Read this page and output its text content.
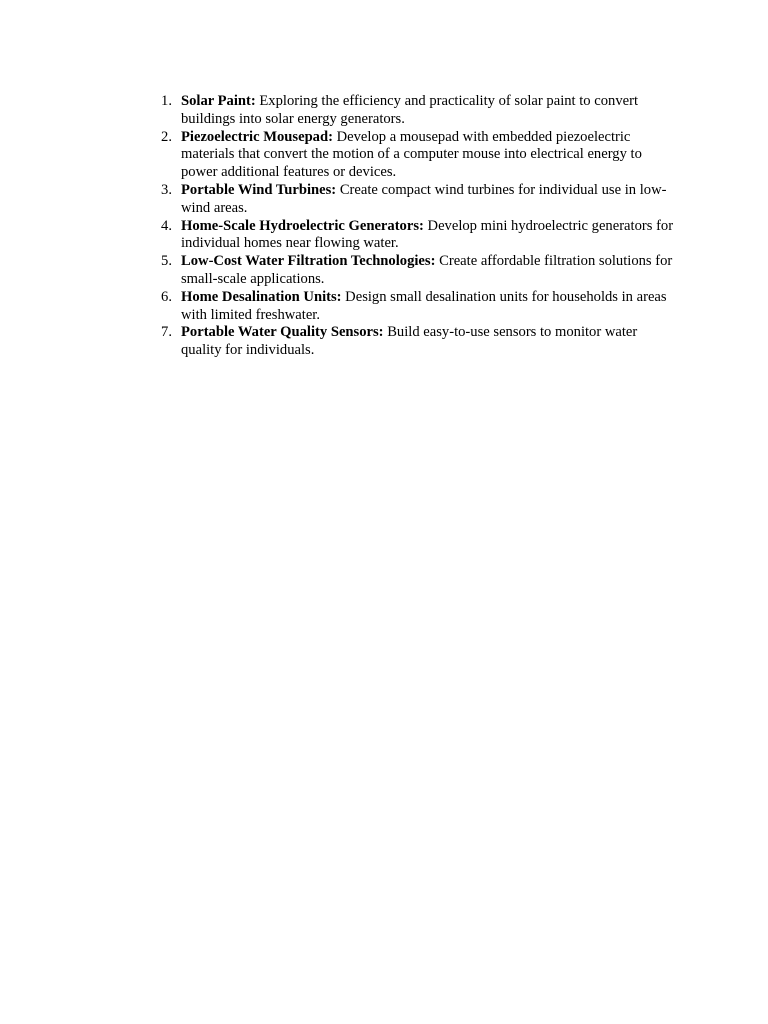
1. Solar Paint: Exploring the efficiency and practicality of solar paint to convert buildings into solar energy generators.
2. Piezoelectric Mousepad: Develop a mousepad with embedded piezoelectric materials that convert the motion of a computer mouse into electrical energy to power additional features or devices.
3. Portable Wind Turbines: Create compact wind turbines for individual use in low-wind areas.
4. Home-Scale Hydroelectric Generators: Develop mini hydroelectric generators for individual homes near flowing water.
5. Low-Cost Water Filtration Technologies: Create affordable filtration solutions for small-scale applications.
6. Home Desalination Units: Design small desalination units for households in areas with limited freshwater.
7. Portable Water Quality Sensors: Build easy-to-use sensors to monitor water quality for individuals.
